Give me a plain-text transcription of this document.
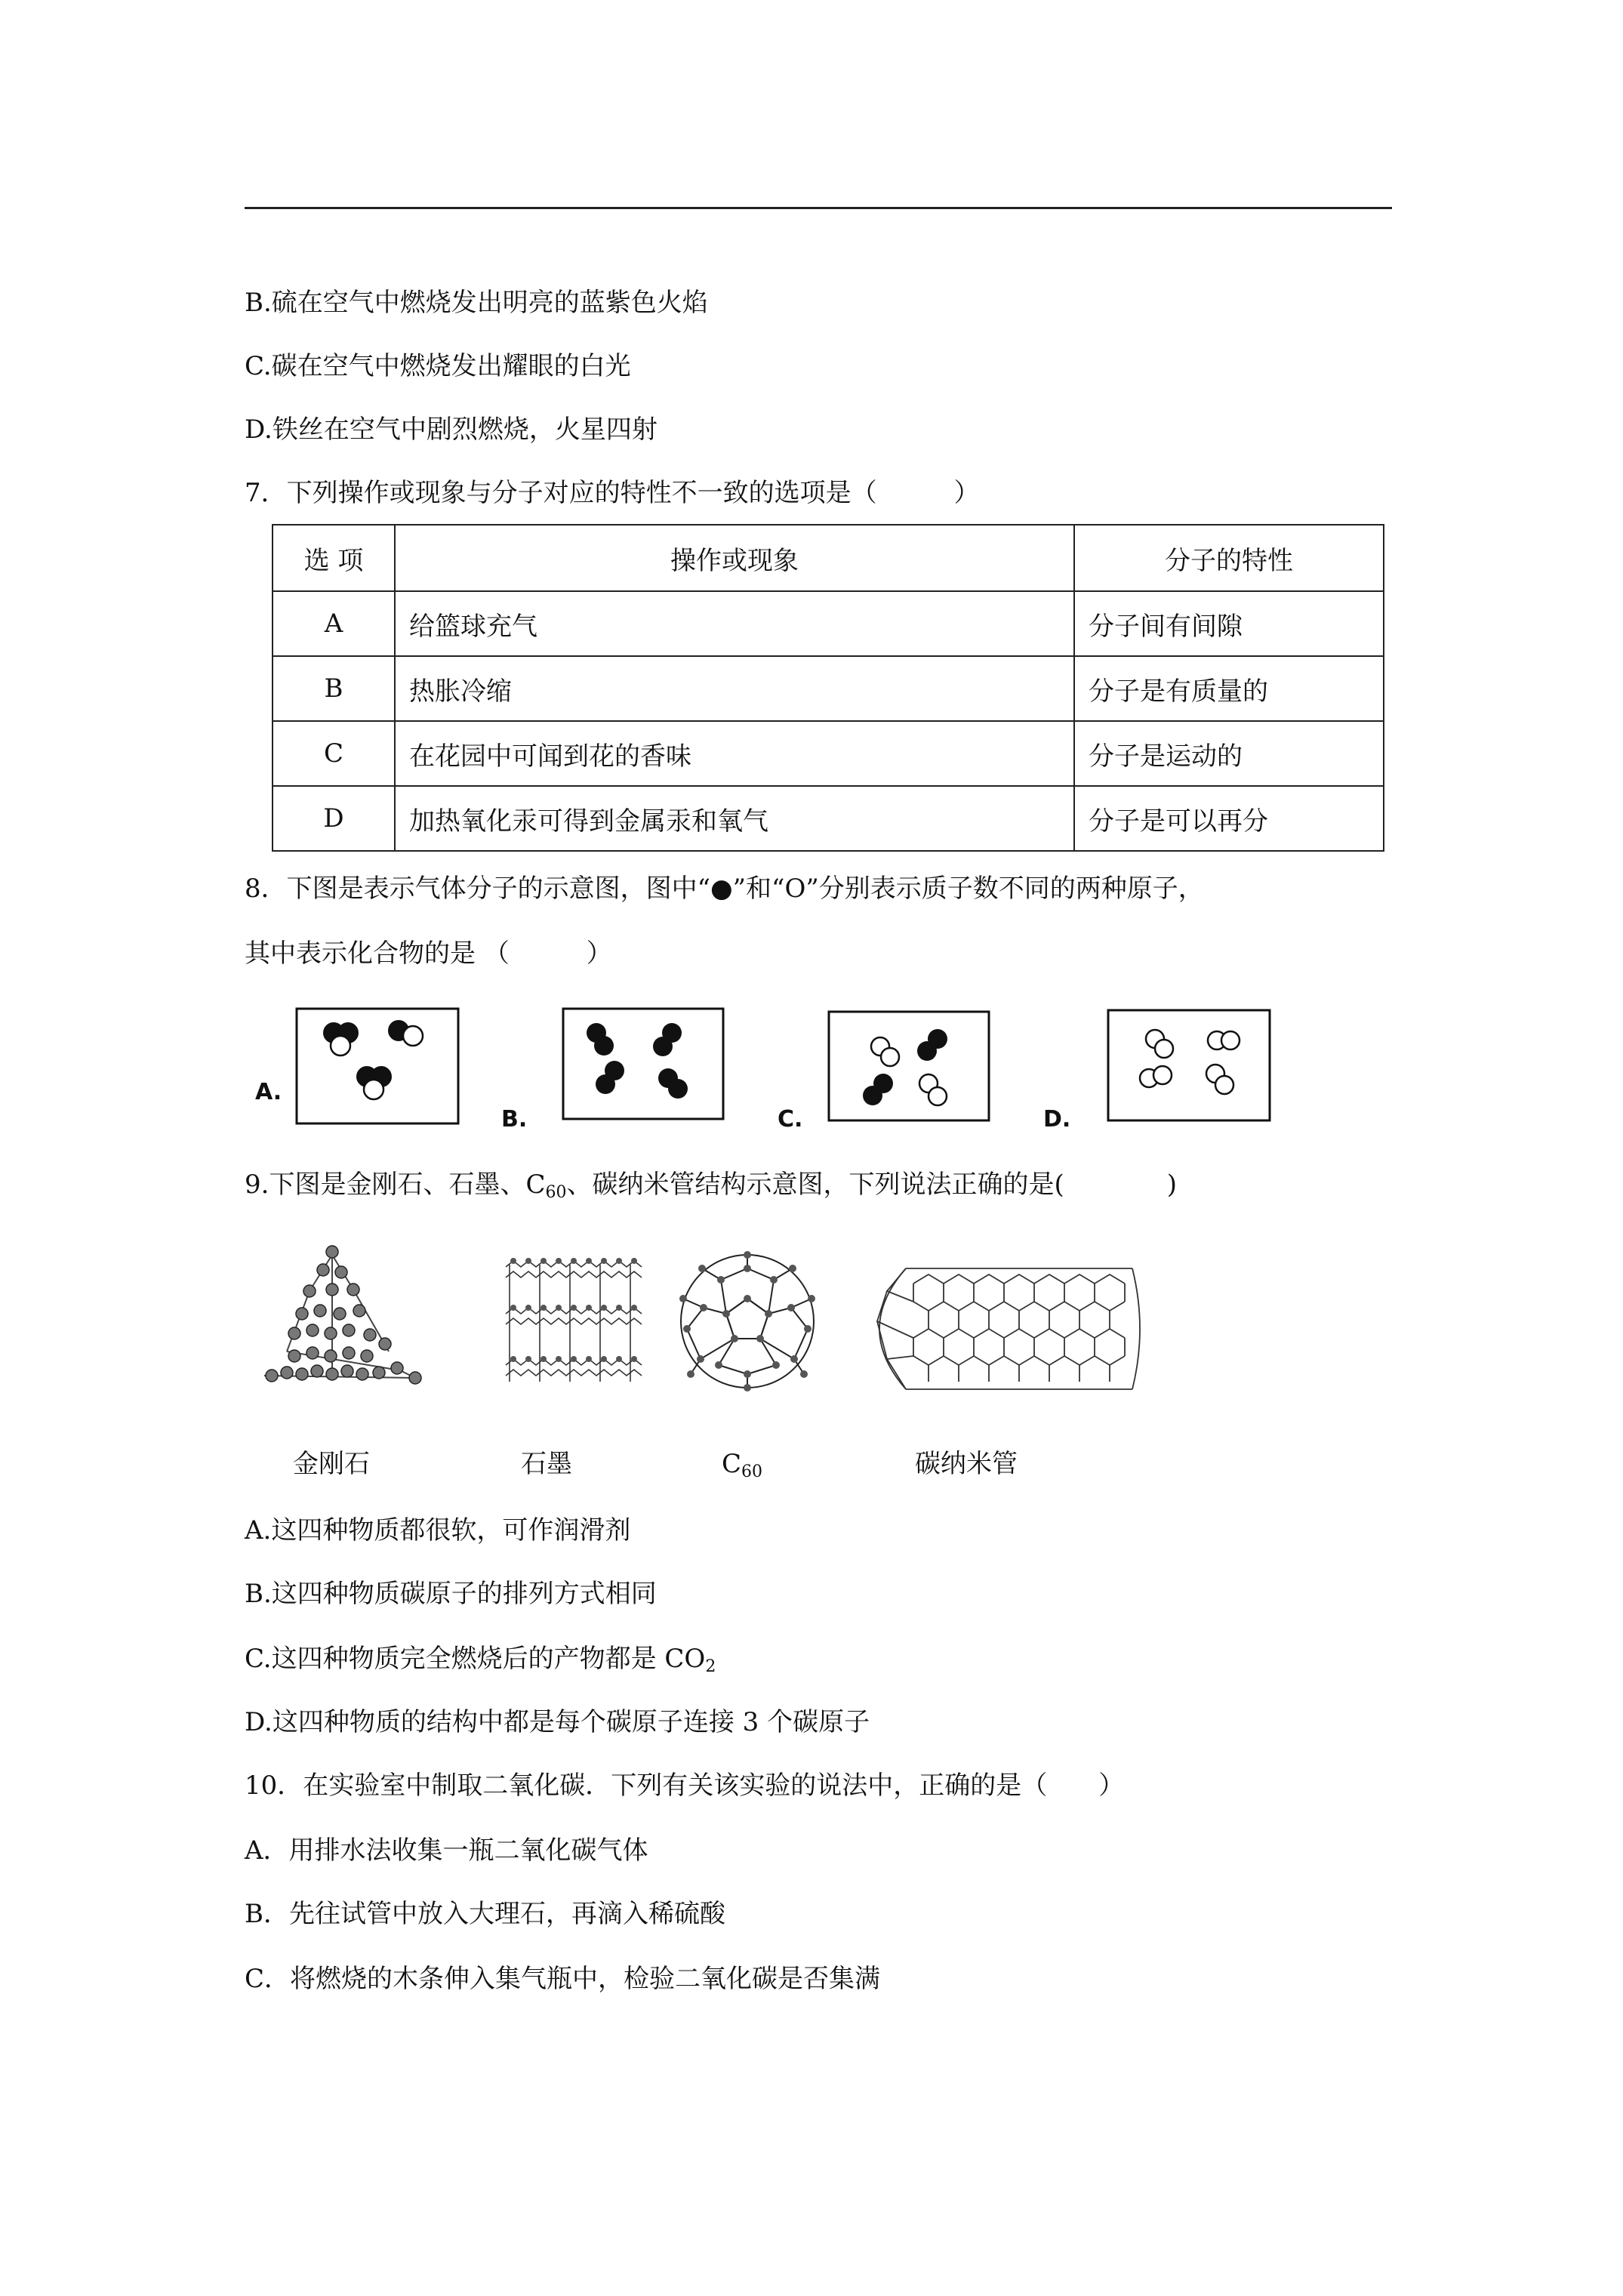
B.硫在空气中燃烧发出明亮的蓝紫色火焰
C.碳在空气中燃烧发出耀眼的白光
D.铁丝在空气中剧烈燃烧，火星四射
7．下列操作或现象与分子对应的特性不一致的选项是（　　　）
选 项	操作或现象	分子的特性
A	给篮球充气	分子间有间隙
B	热胀冷缩	分子是有质量的
C	在花园中可闻到花的香味	分子是运动的
D	加热氧化汞可得到金属汞和氧气	分子是可以再分
8．下图是表示气体分子的示意图，图中“●”和“O”分别表示质子数不同的两种原子，
其中表示化合物的是 （　　　）
A.
B.	C.	D.
9.下图是金刚石、石墨、$C_{60}$、碳纳米管结构示意图，下列说法正确的是(　　　　)
金刚石	石墨	$C_{60}$	碳纳米管
A.这四种物质都很软，可作润滑剂
B.这四种物质碳原子的排列方式相同
C.这四种物质完全燃烧后的产物都是 $CO_2$
D.这四种物质的结构中都是每个碳原子连接 3 个碳原子
10．在实验室中制取二氧化碳．下列有关该实验的说法中，正确的是（　　）
A．用排水法收集一瓶二氧化碳气体
B．先往试管中放入大理石，再滴入稀硫酸
C．将燃烧的木条伸入集气瓶中，检验二氧化碳是否集满
